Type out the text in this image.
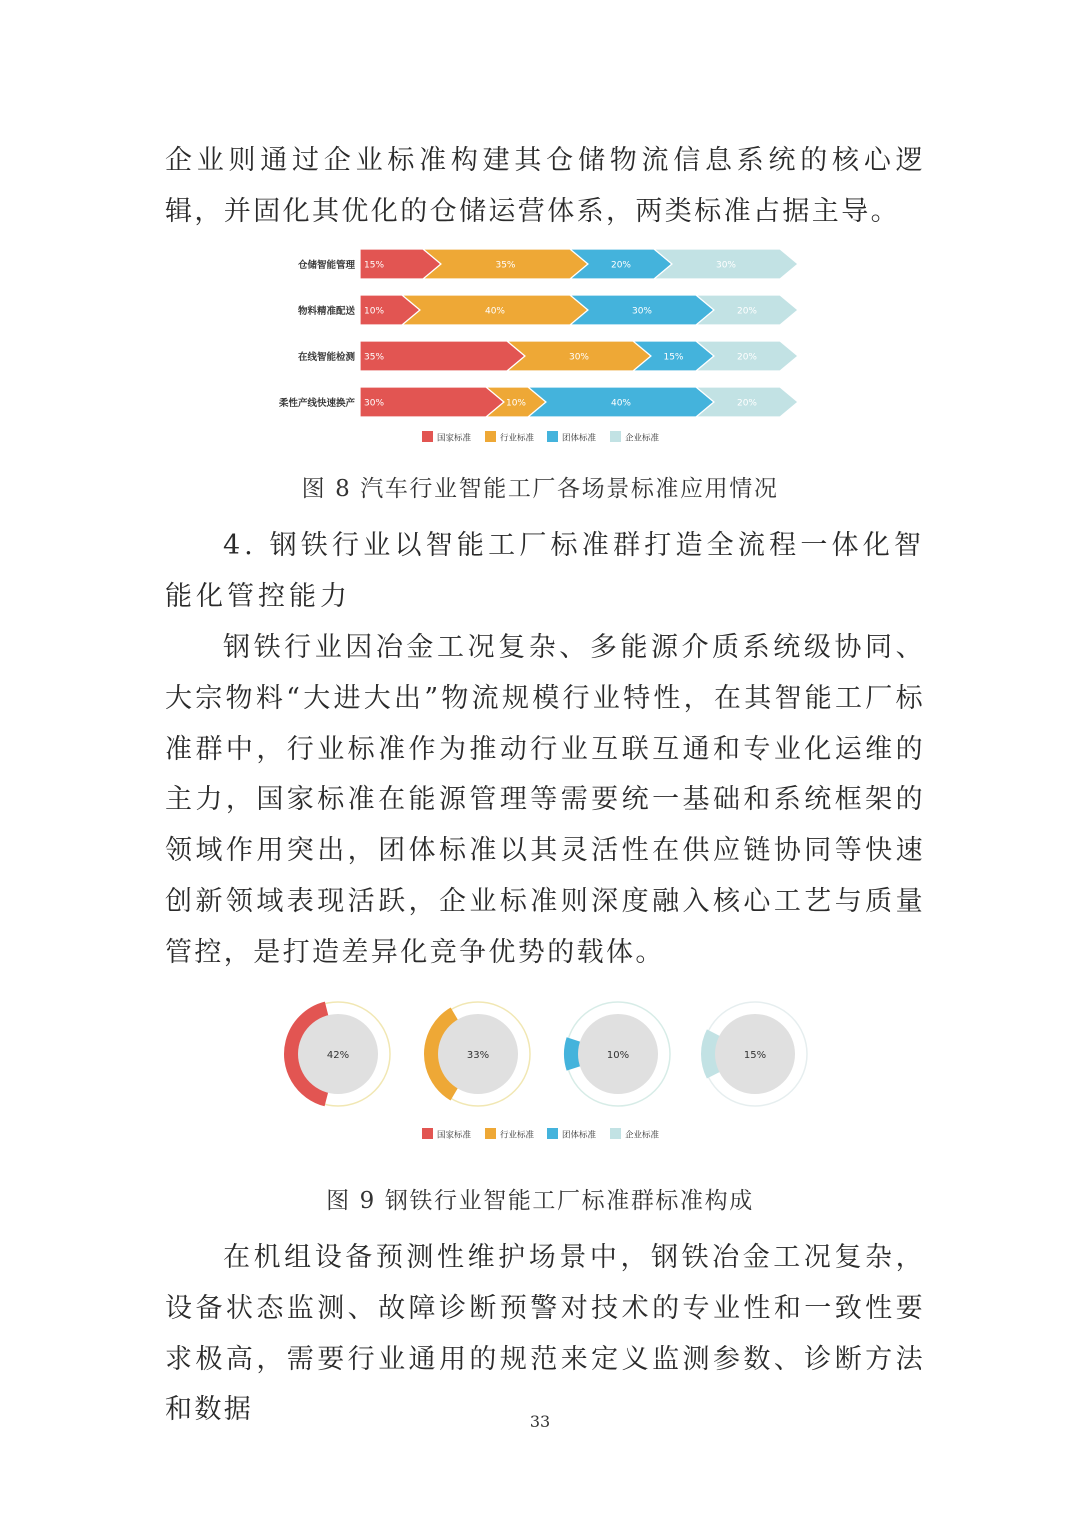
企业则通过企业标准构建其仓储物流信息系统的核心逻辑，并固化其优化的仓储运营体系，两类标准占据主导。

仓储智能管理 15%	35%	20%	30%
物料精准配送 10%	40%	30%	20%
在线智能检测 35%	30%	15%	20%
柔性产线快速换产 30%	10%	40%	20%
国家标准	行业标准	团体标准	企业标准
图 8 汽车行业智能工厂各场景标准应用情况

4. 钢铁行业以智能工厂标准群打造全流程一体化智能化管控能力

钢铁行业因冶金工况复杂、多能源介质系统级协同、大宗物料“大进大出”物流规模行业特性，在其智能工厂标准群中，行业标准作为推动行业互联互通和专业化运维的主力，国家标准在能源管理等需要统一基础和系统框架的领域作用突出，团体标准以其灵活性在供应链协同等快速创新领域表现活跃，企业标准则深度融入核心工艺与质量管控，是打造差异化竞争优势的载体。

42%	33%	10%	15%
国家标准	行业标准	团体标准	企业标准
图 9 钢铁行业智能工厂标准群标准构成

在机组设备预测性维护场景中，钢铁冶金工况复杂，设备状态监测、故障诊断预警对技术的专业性和一致性要求极高，需要行业通用的规范来定义监测参数、诊断方法和数据	33
